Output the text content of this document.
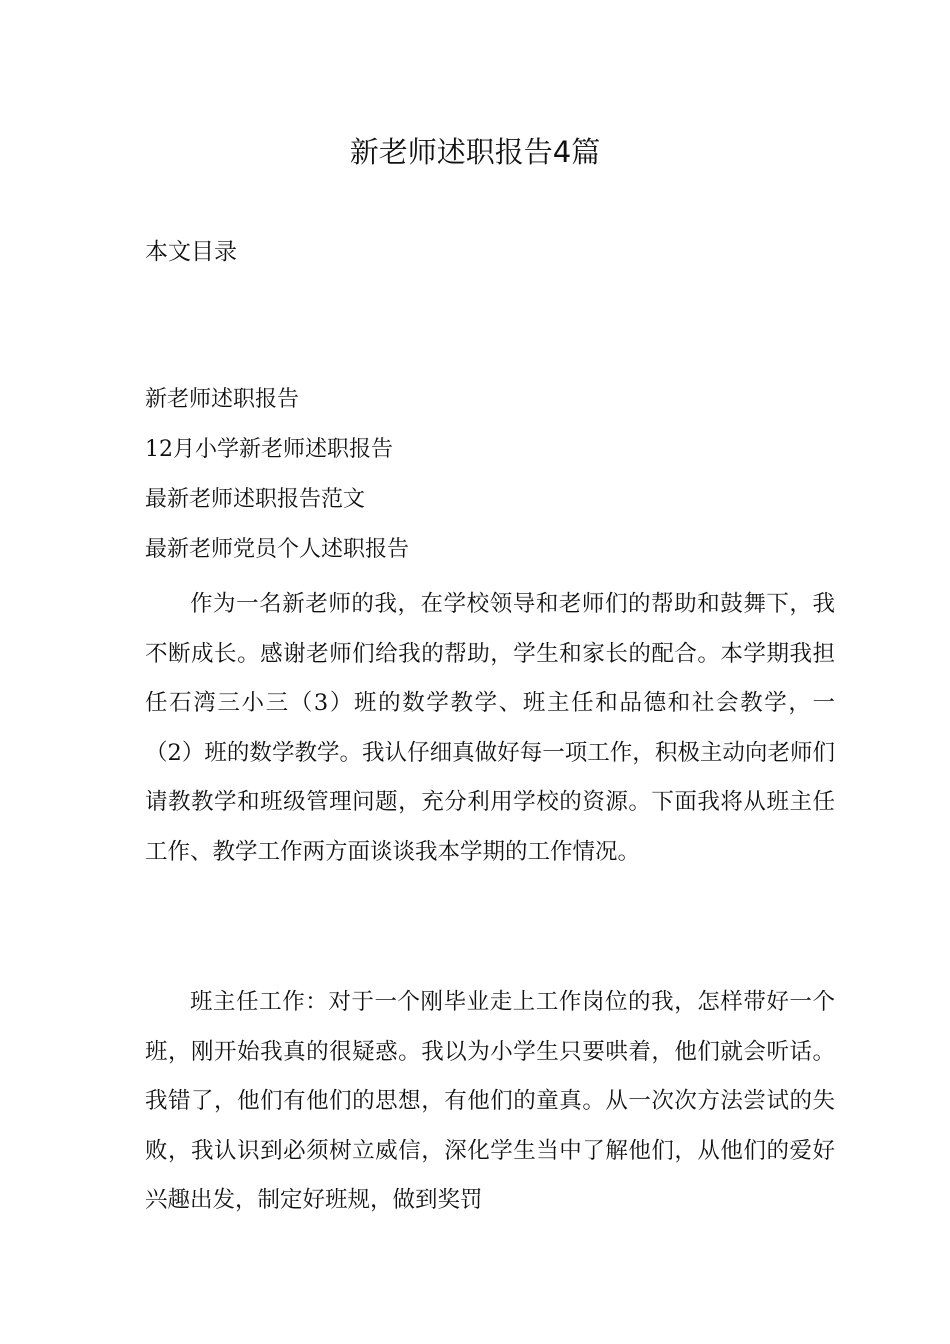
新老师述职报告4篇
本文目录
新老师述职报告
12月小学新老师述职报告
最新老师述职报告范文
最新老师党员个人述职报告

作为一名新老师的我，在学校领导和老师们的帮助和鼓舞下，我不断成长。感谢老师们给我的帮助，学生和家长的配合。本学期我担任石湾三小三（3）班的数学教学、班主任和品德和社会教学，一（2）班的数学教学。我认仔细真做好每一项工作，积极主动向老师们请教教学和班级管理问题，充分利用学校的资源。下面我将从班主任工作、教学工作两方面谈谈我本学期的工作情况。

班主任工作：对于一个刚毕业走上工作岗位的我，怎样带好一个班，刚开始我真的很疑惑。我以为小学生只要哄着，他们就会听话。我错了，他们有他们的思想，有他们的童真。从一次次方法尝试的失败，我认识到必须树立威信，深化学生当中了解他们，从他们的爱好兴趣出发，制定好班规，做到奖罚
